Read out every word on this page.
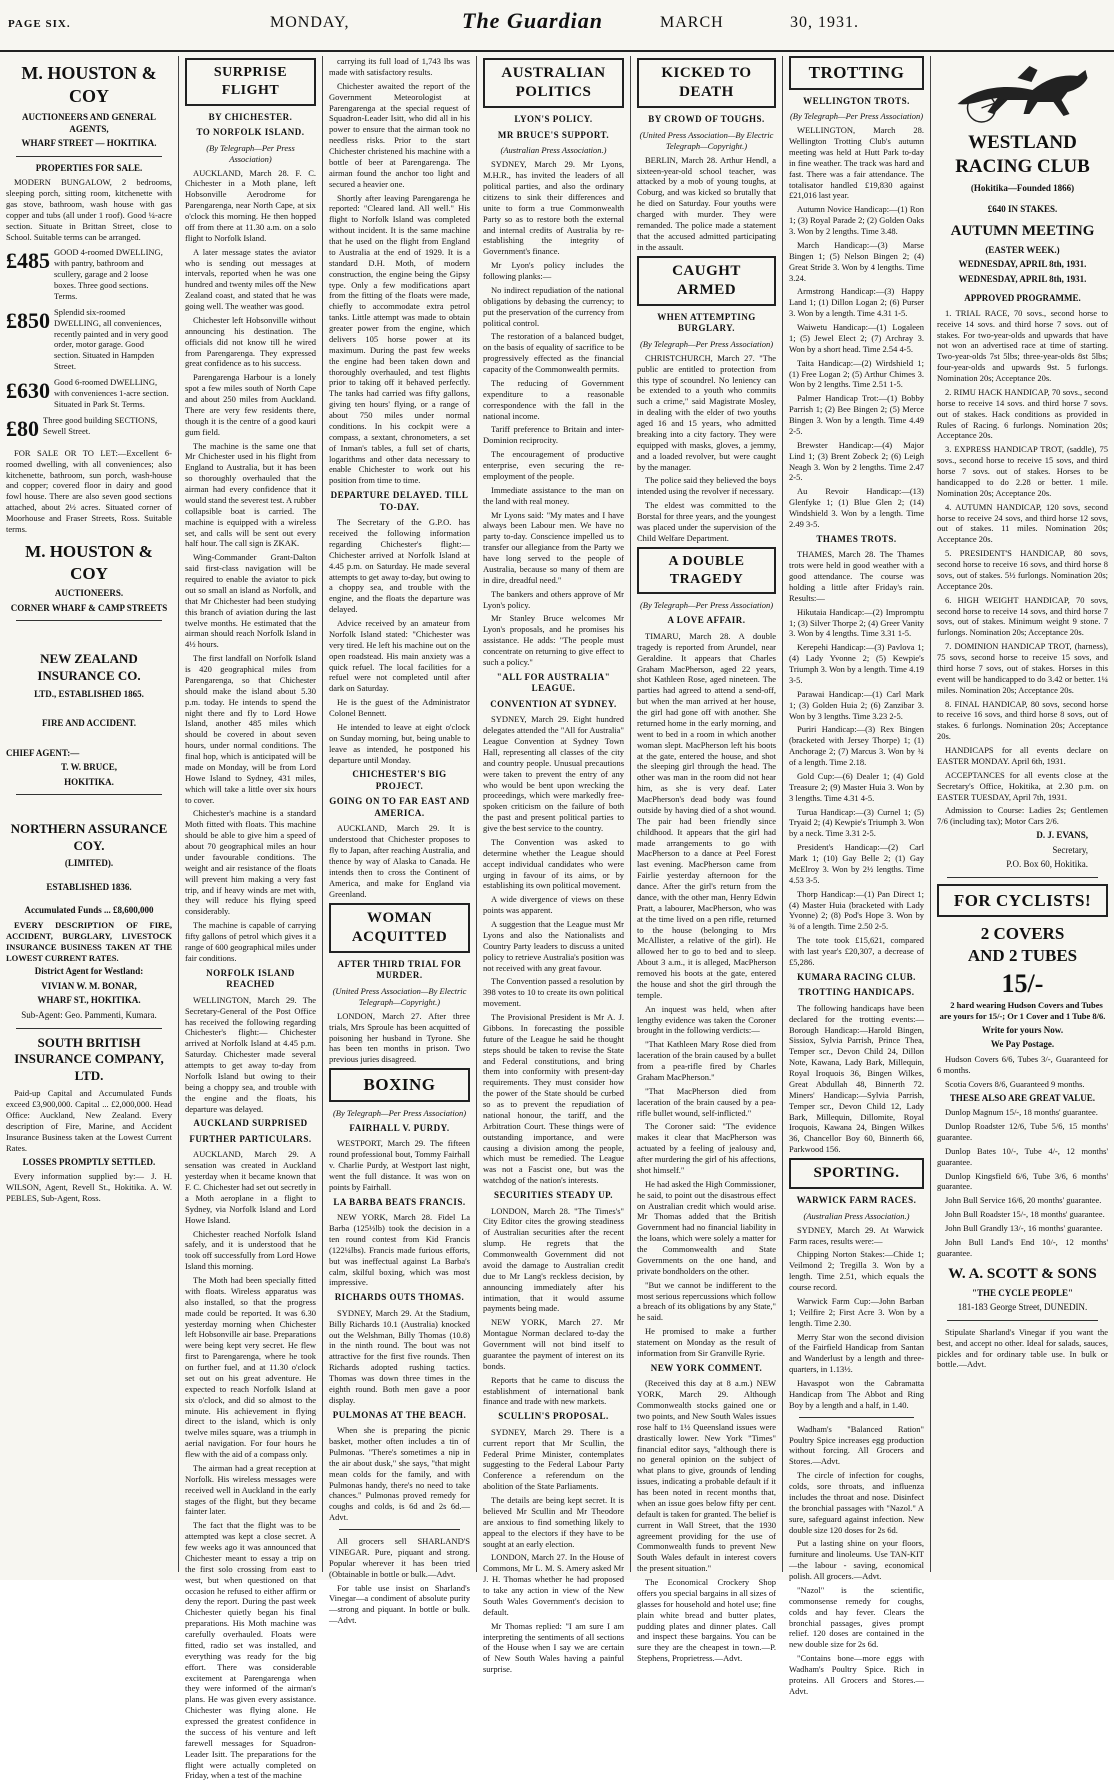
PAGE SIX.	MONDAY,	The Guardian	MARCH	30, 1931.
M. HOUSTON & COY
AUCTIONEERS AND GENERAL AGENTS,
WHARF STREET — HOKITIKA.
PROPERTIES FOR SALE.

MODERN BUNGALOW, 2 bedrooms, sleeping porch, sitting room, kitchenette with gas stove, bathroom, wash house with gas copper and tubs (all under 1 roof). Good ¼-acre section. Situate in Brittan Street, close to School. Suitable terms can be arranged.

£485 GOOD 4-roomed DWELLING, with pantry, bathroom and scullery, garage and 2 loose boxes. Three good sections. Terms.
£850 Splendid six-roomed DWELLING, all conveniences, recently painted and in very good order, motor garage. Good section. Situated in Hampden Street.
£630 Good 6-roomed DWELLING, with conveniences 1-acre section. Situated in Park St. Terms.
£80 Three good building SECTIONS, Sewell Street.

FOR SALE OR TO LET:—Excellent 6-roomed dwelling, with all conveniences; also kitchenette, bathroom, sun porch, wash-house and copper; covered floor in dairy and good fowl house. There are also seven good sections attached, about 2½ acres. Situated corner of Moorhouse and Fraser Streets, Ross. Suitable terms.

M. HOUSTON & COY
AUCTIONEERS.
CORNER WHARF & CAMP STREETS
NEW ZEALAND INSURANCE CO.
LTD., ESTABLISHED 1865.
FIRE AND ACCIDENT.
CHIEF AGENT:—
T. W. BRUCE,
HOKITIKA.
NORTHERN ASSURANCE COY.
(LIMITED).
ESTABLISHED 1836.
Accumulated Funds ... £8,600,000

EVERY DESCRIPTION OF FIRE, ACCIDENT, BURGLARY, LIVESTOCK INSURANCE BUSINESS TAKEN AT THE LOWEST CURRENT RATES.

District Agent for Westland:
VIVIAN W. M. BONAR,
WHARF ST., HOKITIKA.
Sub-Agent: Geo. Pammenti, Kumara.
SOUTH BRITISH INSURANCE COMPANY, LTD.

Paid-up Capital and Accumulated Funds exceed £3,900,000. Capital ... £2,000,000. Head Office: Auckland, New Zealand. Every description of Fire, Marine, and Accident Insurance Business taken at the Lowest Current Rates.

LOSSES PROMPTLY SETTLED.

Every information supplied by:— J. H. WILSON, Agent, Revell St., Hokitika. A. W. PEBLES, Sub-Agent, Ross.

SURPRISE FLIGHT
BY CHICHESTER.
TO NORFOLK ISLAND.
(By Telegraph—Per Press Association)

AUCKLAND, March 28. F. C. Chichester in a Moth plane, left Hobsonville Aerodrome for Parengarenga, near North Cape, at six o'clock this morning. He then hopped off from there at 11.30 a.m. on a solo flight to Norfolk Island.

A later message states the aviator who is sending out messages at intervals, reported when he was one hundred and twenty miles off the New Zealand coast, and stated that he was going well. The weather was good.

Chichester left Hobsonville without announcing his destination. The officials did not know till he wired from Parengarenga. They expressed great confidence as to his success.

Parengarenga Harbour is a lonely spot a few miles south of North Cape and about 250 miles from Auckland. There are very few residents there, though it is the centre of a good kauri gum field.

The machine is the same one that Mr Chichester used in his flight from England to Australia, but it has been so thoroughly overhauled that the airman had every confidence that it would stand the severest test. A rubber collapsible boat is carried. The machine is equipped with a wireless set, and calls will be sent out every half hour. The call sign is ZKAK.

Wing-Commander Grant-Dalton said first-class navigation will be required to enable the aviator to pick out so small an island as Norfolk, and that Mr Chichester had been studying this branch of aviation during the last twelve months. He estimated that the airman should reach Norfolk Island in 4½ hours.

The first landfall on Norfolk Island is 420 geographical miles from Parengarenga, so that Chichester should make the island about 5.30 p.m. today. He intends to spend the night there and fly to Lord Howe Island, another 485 miles which should be covered in about seven hours, under normal conditions. The final hop, which is anticipated will be made on Monday, will be from Lord Howe Island to Sydney, 431 miles, which will take a little over six hours to cover.

Chichester's machine is a standard Moth fitted with floats. This machine should be able to give him a speed of about 70 geographical miles an hour under favourable conditions. The weight and air resistance of the floats will prevent him making a very fast trip, and if heavy winds are met with, they will reduce his flying speed considerably.

The machine is capable of carrying fifty gallons of petrol which gives it a range of 600 geographical miles under fair conditions.

NORFOLK ISLAND REACHED

WELLINGTON, March 29. The Secretary-General of the Post Office has received the following regarding Chichester's flight:— Chichester arrived at Norfolk Island at 4.45 p.m. Saturday. Chichester made several attempts to get away to-day from Norfolk Island but owing to their being a choppy sea, and trouble with the engine and the floats, his departure was delayed.

AUCKLAND SURPRISED
FURTHER PARTICULARS.

AUCKLAND, March 29. A sensation was created in Auckland yesterday when it became known that F. C. Chichester had set out secretly in a Moth aeroplane in a flight to Sydney, via Norfolk Island and Lord Howe Island.

Chichester reached Norfolk Island safely, and it is understood that he took off successfully from Lord Howe Island this morning.

The Moth had been specially fitted with floats. Wireless apparatus was also installed, so that the progress made could be reported. It was 6.30 yesterday morning when Chichester left Hobsonville air base. Preparations were being kept very secret. He flew first to Parengarenga, where he took on further fuel, and at 11.30 o'clock set out on his great adventure. He expected to reach Norfolk Island at six o'clock, and did so almost to the minute. His achievement in flying direct to the island, which is only twelve miles square, was a triumph in aerial navigation. For four hours he flew with the aid of a compass only.

The airman had a great reception at Norfolk. His wireless messages were received well in Auckland in the early stages of the flight, but they became fainter later.

The fact that the flight was to be attempted was kept a close secret. A few weeks ago it was announced that Chichester meant to essay a trip on the first solo crossing from east to west, but when questioned on that occasion he refused to either affirm or deny the report. During the past week Chichester quietly began his final preparations. His Moth machine was carefully overhauled. Floats were fitted, radio set was installed, and everything was ready for the big effort. There was considerable excitement at Parengarenga when they were informed of the airman's plans. He was given every assistance. Chichester was flying alone. He expressed the greatest confidence in the success of his venture and left farewell messages for Squadron-Leader Isitt. The preparations for the flight were actually completed on Friday, when a test of the machine

carrying its full load of 1,743 lbs was made with satisfactory results.

Chichester awaited the report of the Government Meteorologist at Parengarenga at the special request of Squadron-Leader Isitt, who did all in his power to ensure that the airman took no needless risks. Prior to the start Chichester christened his machine with a bottle of beer at Parengarenga. The airman found the anchor too light and secured a heavier one.

Shortly after leaving Parengarenga he reported: "Cleared land. All well." His flight to Norfolk Island was completed without incident. It is the same machine that he used on the flight from England to Australia at the end of 1929. It is a standard D.H. Moth, of modern construction, the engine being the Gipsy type. Only a few modifications apart from the fitting of the floats were made, chiefly to accommodate extra petrol tanks. Little attempt was made to obtain greater power from the engine, which delivers 105 horse power at its maximum. During the past few weeks the engine had been taken down and thoroughly overhauled, and test flights prior to taking off it behaved perfectly. The tanks had carried was fifty gallons, giving ten hours' flying, or a range of about 750 miles under normal conditions. In his cockpit were a compass, a sextant, chronometers, a set of Inman's tables, a full set of charts, logarithms and other data necessary to enable Chichester to work out his position from time to time.

DEPARTURE DELAYED. TILL TO-DAY.

The Secretary of the G.P.O. has received the following information regarding Chichester's flight:— Chichester arrived at Norfolk Island at 4.45 p.m. on Saturday. He made several attempts to get away to-day, but owing to a choppy sea, and trouble with the engine, and the floats the departure was delayed.

Advice received by an amateur from Norfolk Island stated: "Chichester was very tired. He left his machine out on the open roadstead. His main anxiety was a quick refuel. The local facilities for a refuel were not completed until after dark on Saturday.

He is the guest of the Administrator Colonel Bennett.

He intended to leave at eight o'clock on Sunday morning, but, being unable to leave as intended, he postponed his departure until Monday.

CHICHESTER'S BIG PROJECT.
GOING ON TO FAR EAST AND AMERICA.

AUCKLAND, March 29. It is understood that Chichester proposes to fly to Japan, after reaching Australia, and thence by way of Alaska to Canada. He intends then to cross the Continent of America, and make for England via Greenland.

WOMAN ACQUITTED
AFTER THIRD TRIAL FOR MURDER.
(United Press Association—By Electric Telegraph—Copyright.)

LONDON, March 27. After three trials, Mrs Sproule has been acquitted of poisoning her husband in Tyrone. She has been ten months in prison. Two previous juries disagreed.

BOXING
(By Telegraph—Per Press Association)
FAIRHALL V. PURDY.

WESTPORT, March 29. The fifteen round professional bout, Tommy Fairhall v. Charlie Purdy, at Westport last night, went the full distance. It was won on points by Fairhall.

LA BARBA BEATS FRANCIS.

NEW YORK, March 28. Fidel La Barba (125½lb) took the decision in a ten round contest from Kid Francis (122¼lbs). Francis made furious efforts, but was ineffectual against La Barba's calm, skilful boxing, which was most impressive.

RICHARDS OUTS THOMAS.

SYDNEY, March 29. At the Stadium, Billy Richards 10.1 (Australia) knocked out the Welshman, Billy Thomas (10.8) in the ninth round. The bout was not attractive for the first five rounds. Then Richards adopted rushing tactics. Thomas was down three times in the eighth round. Both men gave a poor display.

PULMONAS AT THE BEACH.

When she is preparing the picnic basket, mother often includes a tin of Pulmonas. "There's sometimes a nip in the air about dusk," she says, "that might mean colds for the family, and with Pulmonas handy, there's no need to take chances." Pulmonas proved remedy for coughs and colds, is 6d and 2s 6d.—Advt.

All grocers sell SHARLAND'S VINEGAR. Pure, piquant and strong. Popular wherever it has been tried (Obtainable in bottle or bulk.—Advt.

For table use insist on Sharland's Vinegar—a condiment of absolute purity—strong and piquant. In bottle or bulk.—Advt.

AUSTRALIAN POLITICS
LYON'S POLICY.
MR BRUCE'S SUPPORT.
(Australian Press Association.)

SYDNEY, March 29. Mr Lyons, M.H.R., has invited the leaders of all political parties, and also the ordinary citizens to sink their differences and unite to form a true Commonwealth Party so as to restore both the external and internal credits of Australia by re-establishing the integrity of Government's finance.

Mr Lyon's policy includes the following planks:—

No indirect repudiation of the national obligations by debasing the currency; to put the preservation of the currency from political control.

The restoration of a balanced budget, on the basis of equality of sacrifice to be progressively effected as the financial capacity of the Commonwealth permits.

The reducing of Government expenditure to a reasonable correspondence with the fall in the national income.

Tariff preference to Britain and inter-Dominion reciprocity.

The encouragement of productive enterprise, even securing the re-employment of the people.

Immediate assistance to the man on the land with real money.

Mr Lyons said: "My mates and I have always been Labour men. We have no party to-day. Conscience impelled us to transfer our allegiance from the Party we have long served to the people of Australia, because so many of them are in dire, dreadful need."

The bankers and others approve of Mr Lyon's policy.

Mr Stanley Bruce welcomes Mr Lyon's proposals, and he promises his assistance. He adds: "The people must concentrate on returning to give effect to such a policy."

"ALL FOR AUSTRALIA" LEAGUE.
CONVENTION AT SYDNEY.

SYDNEY, March 29. Eight hundred delegates attended the "All for Australia" League Convention at Sydney Town Hall, representing all classes of the city and country people. Unusual precautions were taken to prevent the entry of any who would be bent upon wrecking the proceedings, which were markedly free-spoken criticism on the failure of both the past and present political parties to give the best service to the country.

The Convention was asked to determine whether the League should accept individual candidates who were urging in favour of its aims, or by establishing its own political movement.

A wide divergence of views on these points was apparent.

A suggestion that the League must Mr Lyons and also the Nationalists and Country Party leaders to discuss a united policy to retrieve Australia's position was not received with any great favour.

The Convention passed a resolution by 398 votes to 10 to create its own political movement.

The Provisional President is Mr A. J. Gibbons. In forecasting the possible future of the League he said he thought steps should be taken to revise the State and Federal constitutions, and bring them into conformity with present-day requirements. They must consider how the power of the State should be curbed so as to prevent the repudiation of national honour, the tariff, and the Arbitration Court. These things were of outstanding importance, and were causing a division among the people, which must be remedied. The League was not a Fascist one, but was the watchdog of the nation's interests.

SECURITIES STEADY UP.

LONDON, March 28. "The Times's" City Editor cites the growing steadiness of Australian securities after the recent slump. He regrets that the Commonwealth Government did not avoid the damage to Australian credit due to Mr Lang's reckless decision, by announcing immediately after his intimation, that it would assume payments being made.

NEW YORK, March 27. Mr Montague Norman declared to-day the Government will not bind itself to guarantee the payment of interest on its bonds.

Reports that he came to discuss the establishment of international bank finance and trade with new markets.

SCULLIN'S PROPOSAL.

SYDNEY, March 29. There is a current report that Mr Scullin, the Federal Prime Minister, contemplates suggesting to the Federal Labour Party Conference a referendum on the abolition of the State Parliaments.

The details are being kept secret. It is believed Mr Scullin and Mr Theodore are anxious to find something likely to appeal to the electors if they have to be sought at an early election.

LONDON, March 27. In the House of Commons, Mr L. M. S. Amery asked Mr J. H. Thomas whether he had proposed to take any action in view of the New South Wales Government's decision to default.

Mr Thomas replied: "I am sure I am interpreting the sentiments of all sections of the House when I say we are certain of New South Wales having a painful surprise.

KICKED TO DEATH
BY CROWD OF TOUGHS.
(United Press Association—By Electric Telegraph—Copyright.)

BERLIN, March 28. Arthur Hendl, a sixteen-year-old school teacher, was attacked by a mob of young toughs, at Coburg, and was kicked so brutally that he died on Saturday. Four youths were charged with murder. They were remanded. The police made a statement that the accused admitted participating in the assault.

CAUGHT ARMED
WHEN ATTEMPTING BURGLARY.
(By Telegraph—Per Press Association)

CHRISTCHURCH, March 27. "The public are entitled to protection from this type of scoundrel. No leniency can be extended to a youth who commits such a crime," said Magistrate Mosley, in dealing with the elder of two youths aged 16 and 15 years, who admitted breaking into a city factory. They were equipped with masks, gloves, a jemmy, and a loaded revolver, but were caught by the manager.

The police said they believed the boys intended using the revolver if necessary.

The eldest was committed to the Borstal for three years, and the youngest was placed under the supervision of the Child Welfare Department.

A DOUBLE TRAGEDY
(By Telegraph—Per Press Association)
A LOVE AFFAIR.

TIMARU, March 28. A double tragedy is reported from Arundel, near Geraldine. It appears that Charles Graham MacPherson, aged 22 years, shot Kathleen Rose, aged nineteen. The parties had agreed to attend a send-off, but when the man arrived at her house, the girl had gone off with another. She returned home in the early morning, and went to bed in a room in which another woman slept. MacPherson left his boots at the gate, entered the house, and shot the sleeping girl through the head. The other was man in the room did not hear him, as she is very deaf. Later MacPherson's dead body was found outside by having died of a shot wound. The pair had been friendly since childhood. It appears that the girl had made arrangements to go with MacPherson to a dance at Peel Forest last evening. MacPherson came from Fairlie yesterday afternoon for the dance. After the girl's return from the dance, with the other man, Henry Edwin Pratt, a labourer, MacPherson, who was at the time lived on a pen rifle, returned to the house (belonging to Mrs McAllister, a relative of the girl). He allowed her to go to bed and to sleep. About 3 a.m., it is alleged, MacPherson removed his boots at the gate, entered the house and shot the girl through the temple.

An inquest was held, when after lengthy evidence was taken the Coroner brought in the following verdicts:—

"That Kathleen Mary Rose died from laceration of the brain caused by a bullet from a pea-rifle fired by Charles Graham MacPherson."

"That MacPherson died from laceration of the brain caused by a pea-rifle bullet wound, self-inflicted."

The Coroner said: "The evidence makes it clear that MacPherson was actuated by a feeling of jealousy and, after murdering the girl of his affections, shot himself."

He had asked the High Commissioner, he said, to point out the disastrous effect on Australian credit which would arise. Mr Thomas added that the British Government had no financial liability in the loans, which were solely a matter for the Commonwealth and State Governments on the one hand, and private bondholders on the other.

"But we cannot be indifferent to the most serious repercussions which follow a breach of its obligations by any State," he said.

He promised to make a further statement on Monday as the result of information from Sir Granville Ryrie.

NEW YORK COMMENT.

(Received this day at 8 a.m.) NEW YORK, March 29. Although Commonwealth stocks gained one or two points, and New South Wales issues rose half to 1½ Queensland issues were drastically lower. New York "Times" financial editor says, "although there is no general opinion on the subject of what plans to give, grounds of lending issues, indicating a probable default if it has been noted in recent months that, when an issue goes below fifty per cent. default is taken for granted. The belief is current in Wall Street, that the 1930 agreement providing for the use of Commonwealth funds to prevent New South Wales default in interest covers the present situation."

The Economical Crockery Shop offers you special bargains in all sizes of glasses for household and hotel use; fine plain white bread and butter plates, pudding plates and dinner plates. Call and inspect these bargains. You can be sure they are the cheapest in town.—P. Stephens, Proprietress.—Advt.

TROTTING
WELLINGTON TROTS.
(By Telegraph—Per Press Association)

WELLINGTON, March 28. Wellington Trotting Club's autumn meeting was held at Hutt Park to-day in fine weather. The track was hard and fast. There was a fair attendance. The totalisator handled £19,830 against £21,016 last year.

Autumn Novice Handicap:—(1) Ron 1; (3) Royal Parade 2; (2) Golden Oaks 3. Won by 2 lengths. Time 3.48.

March Handicap:—(3) Marse Bingen 1; (5) Nelson Bingen 2; (4) Great Stride 3. Won by 4 lengths. Time 3.24.

Armstrong Handicap:—(3) Happy Land 1; (1) Dillon Logan 2; (6) Purser 3. Won by a length. Time 4.31 1-5.

Waiwetu Handicap:—(1) Logaleen 1; (5) Jewel Elect 2; (7) Archray 3. Won by a short head. Time 2.54 4-5.

Taita Handicap:—(2) Wirdshield 1; (1) Free Logan 2; (5) Arthur Chimes 3. Won by 2 lengths. Time 2.51 1-5.

Palmer Handicap Trot:—(1) Bobby Parrish 1; (2) Bee Bingen 2; (5) Merce Bingen 3. Won by a length. Time 4.49 2-5.

Brewster Handicap:—(4) Major Lind 1; (3) Brent Zobeck 2; (6) Leigh Neagh 3. Won by 2 lengths. Time 2.47 2-5.

Au Revoir Handicap:—(13) Glenfyke 1; (1) Blue Glen 2; (14) Windshield 3. Won by a length. Time 2.49 3-5.

THAMES TROTS.

THAMES, March 28. The Thames trots were held in good weather with a good attendance. The course was holding a little after Friday's rain. Results:—

Hikutaia Handicap:—(2) Impromptu 1; (3) Silver Thorpe 2; (4) Greer Vanity 3. Won by 4 lengths. Time 3.31 1-5.

Kerepehi Handicap:—(3) Pavlova 1; (4) Lady Yvonne 2; (5) Kewpie's Triumph 3. Won by a length. Time 4.19 3-5.

Parawai Handicap:—(1) Carl Mark 1; (3) Golden Huia 2; (6) Zanzibar 3. Won by 3 lengths. Time 3.23 2-5.

Puriri Handicap:—(3) Rex Bingen (bracketed with Jersey Thorpe) 1; (1) Anchorage 2; (7) Marcus 3. Won by ¾ of a length. Time 2.18.

Gold Cup:—(6) Dealer 1; (4) Gold Treasure 2; (9) Master Huia 3. Won by 3 lengths. Time 4.31 4-5.

Turua Handicap:—(3) Curnel 1; (5) Tryaid 2; (4) Kewpie's Triumph 3. Won by a neck. Time 3.31 2-5.

President's Handicap:—(2) Carl Mark 1; (10) Gay Belle 2; (1) Gay McElroy 3. Won by 2½ lengths. Time 4.53 3-5.

Thorp Handicap:—(1) Pan Direct 1; (4) Master Huia (bracketed with Lady Yvonne) 2; (8) Pod's Hope 3. Won by ¾ of a length. Time 2.50 2-5.

The tote took £15,621, compared with last year's £20,307, a decrease of £5,286.

KUMARA RACING CLUB.
TROTTING HANDICAPS.

The following handicaps have been declared for the trotting events:— Borough Handicap:—Harold Bingen, Sissiox, Sylvia Parrish, Prince Thea, Temper scr., Devon Child 24, Dillon Note, Kawana, Lady Bark, Millequin, Royal Iroquois 36, Bingen Wilkes, Great Abdullah 48, Binnerth 72. Miners' Handicap:—Sylvia Parrish, Temper scr., Devon Child 12, Lady Bark, Millequin, Dillomite, Royal Iroquois, Kawana 24, Bingen Wilkes 36, Chancellor Boy 60, Binnerth 66, Parkwood 156.

SPORTING.
WARWICK FARM RACES.
(Australian Press Association.)

SYDNEY, March 29. At Warwick Farm races, results were:—

Chipping Norton Stakes:—Chide 1; Veilmond 2; Tregilla 3. Won by a length. Time 2.51, which equals the course record.

Warwick Farm Cup:—John Barban 1; Veilfire 2; First Acre 3. Won by a length. Time 2.30.

Merry Star won the second division of the Fairfield Handicap from Santan and Wanderlust by a length and three-quarters, in 1.13½.

Havaspot won the Cabramatta Handicap from The Abbot and Ring Boy by a length and a half, in 1.40.

Wadham's "Balanced Ration" Poultry Spice increases egg production without forcing. All Grocers and Stores.—Advt.

The circle of infection for coughs, colds, sore throats, and influenza includes the throat and nose. Disinfect the bronchial passages with "Nazol." A sure, safeguard against infection. New double size 120 doses for 2s 6d.

Put a lasting shine on your floors, furniture and linoleums. Use TAN-KIT—the labour - saving, economical polish. All grocers.—Advt.

"Nazol" is the scientific, commonsense remedy for coughs, colds and hay fever. Clears the bronchial passages, gives prompt relief. 120 doses are contained in the new double size for 2s 6d.

"Contains bone—more eggs with Wadham's Poultry Spice. Rich in proteins. All Grocers and Stores.—Advt.

WESTLAND RACING CLUB
(Hokitika—Founded 1866)
£640 IN STAKES.
AUTUMN MEETING
(EASTER WEEK.)
WEDNESDAY, APRIL 8th, 1931.
WEDNESDAY, APRIL 8th, 1931.
APPROVED PROGRAMME.

1. TRIAL RACE, 70 sovs., second horse to receive 14 sovs. and third horse 7 sovs. out of stakes. For two-year-olds and upwards that have not won an advertised race at time of starting. Two-year-olds 7st 5lbs; three-year-olds 8st 5lbs; four-year-olds and upwards 9st. 5 furlongs. Nomination 20s; Acceptance 20s.

2. RIMU HACK HANDICAP, 70 sovs., second horse to receive 14 sovs. and third horse 7 sovs. out of stakes. Hack conditions as provided in Rules of Racing. 6 furlongs. Nomination 20s; Acceptance 20s.

3. EXPRESS HANDICAP TROT, (saddle), 75 sovs., second horse to receive 15 sovs, and third horse 7 sovs. out of stakes. Horses to be handicapped to do 2.28 or better. 1 mile. Nomination 20s; Acceptance 20s.

4. AUTUMN HANDICAP, 120 sovs, second horse to receive 24 sovs, and third horse 12 sovs, out of stakes. 11 miles. Nomination 20s; Acceptance 20s.

5. PRESIDENT'S HANDICAP, 80 sovs, second horse to receive 16 sovs, and third horse 8 sovs, out of stakes. 5½ furlongs. Nomination 20s; Acceptance 20s.

6. HIGH WEIGHT HANDICAP, 70 sovs, second horse to receive 14 sovs, and third horse 7 sovs, out of stakes. Minimum weight 9 stone. 7 furlongs. Nomination 20s; Acceptance 20s.

7. DOMINION HANDICAP TROT, (harness), 75 sovs, second horse to receive 15 sovs, and third horse 7 sovs, out of stakes. Horses in this event will be handicapped to do 3.42 or better. 1¼ miles. Nomination 20s; Acceptance 20s.

8. FINAL HANDICAP, 80 sovs, second horse to receive 16 sovs, and third horse 8 sovs, out of stakes. 6 furlongs. Nomination 20s; Acceptance 20s.

HANDICAPS for all events declare on EASTER MONDAY. April 6th, 1931.

ACCEPTANCES for all events close at the Secretary's Office, Hokitika, at 2.30 p.m. on EASTER TUESDAY, April 7th, 1931.

Admission to Course: Ladies 2s; Gentlemen 7/6 (including tax); Motor Cars 2/6.

D. J. EVANS,
Secretary,
P.O. Box 60, Hokitika.
FOR CYCLISTS!
2 COVERS
AND 2 TUBES
15/-

2 hard wearing Hudson Covers and Tubes are yours for 15/-; Or 1 Cover and 1 Tube 8/6.

Write for yours Now.
We Pay Postage.

Hudson Covers 6/6, Tubes 3/-, Guaranteed for 6 months.

Scotia Covers 8/6, Guaranteed 9 months.

THESE ALSO ARE GREAT VALUE.

Dunlop Magnum 15/-, 18 months' guarantee.

Dunlop Roadster 12/6, Tube 5/6, 15 months' guarantee.

Dunlop Bates 10/-, Tube 4/-, 12 months' guarantee.

Dunlop Kingsfield 6/6, Tube 3/6, 6 months' guarantee.

John Bull Service 16/6, 20 months' guarantee.

John Bull Roadster 15/-, 18 months' guarantee.

John Bull Grandly 13/-, 16 months' guarantee.

John Bull Land's End 10/-, 12 months' guarantee.

W. A. SCOTT & SONS
"THE CYCLE PEOPLE"
181-183 George Street, DUNEDIN.

Stipulate Sharland's Vinegar if you want the best, and accept no other. Ideal for salads, sauces, pickles and for ordinary table use. In bulk or bottle.—Advt.
